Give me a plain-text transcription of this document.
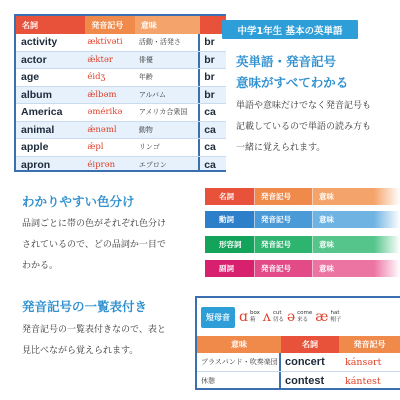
名詞	発音記号	意味
activity	æktívəti	活動・活発さ	br
actor	ǽktər	俳優	br
age	éidʒ	年齢	br
album	ǽlbəm	アルバム	br
America	əmérikə	アメリカ合衆国	ca
animal	ǽnəml	動物	ca
apple	ǽpl	リンゴ	ca
apron	éiprən	エプロン	ca
中学1年生 基本の英単語
英単語・発音記号
意味がすべてわかる
単語や意味だけでなく発音記号も
記載しているので単語の読み方も
一緒に覚えられます。
わかりやすい色分け
品詞ごとに帯の色がそれぞれ色分け
されているので、どの品詞か一目で
わかる。
名詞	発音記号	意味
動詞	発音記号	意味
形容詞	発音記号	意味
副詞	発音記号	意味
発音記号の一覧表付き
発音記号の一覧表付きなので、表と
見比べながら覚えられます。
短母音 ɑ box
箱 ʌ cut
切る ə come
来る æ hat
帽子
意味	名詞	発音記号
ブラスバンド・吹奏楽団 concert	kánsərt
休憩	contest	kántest
